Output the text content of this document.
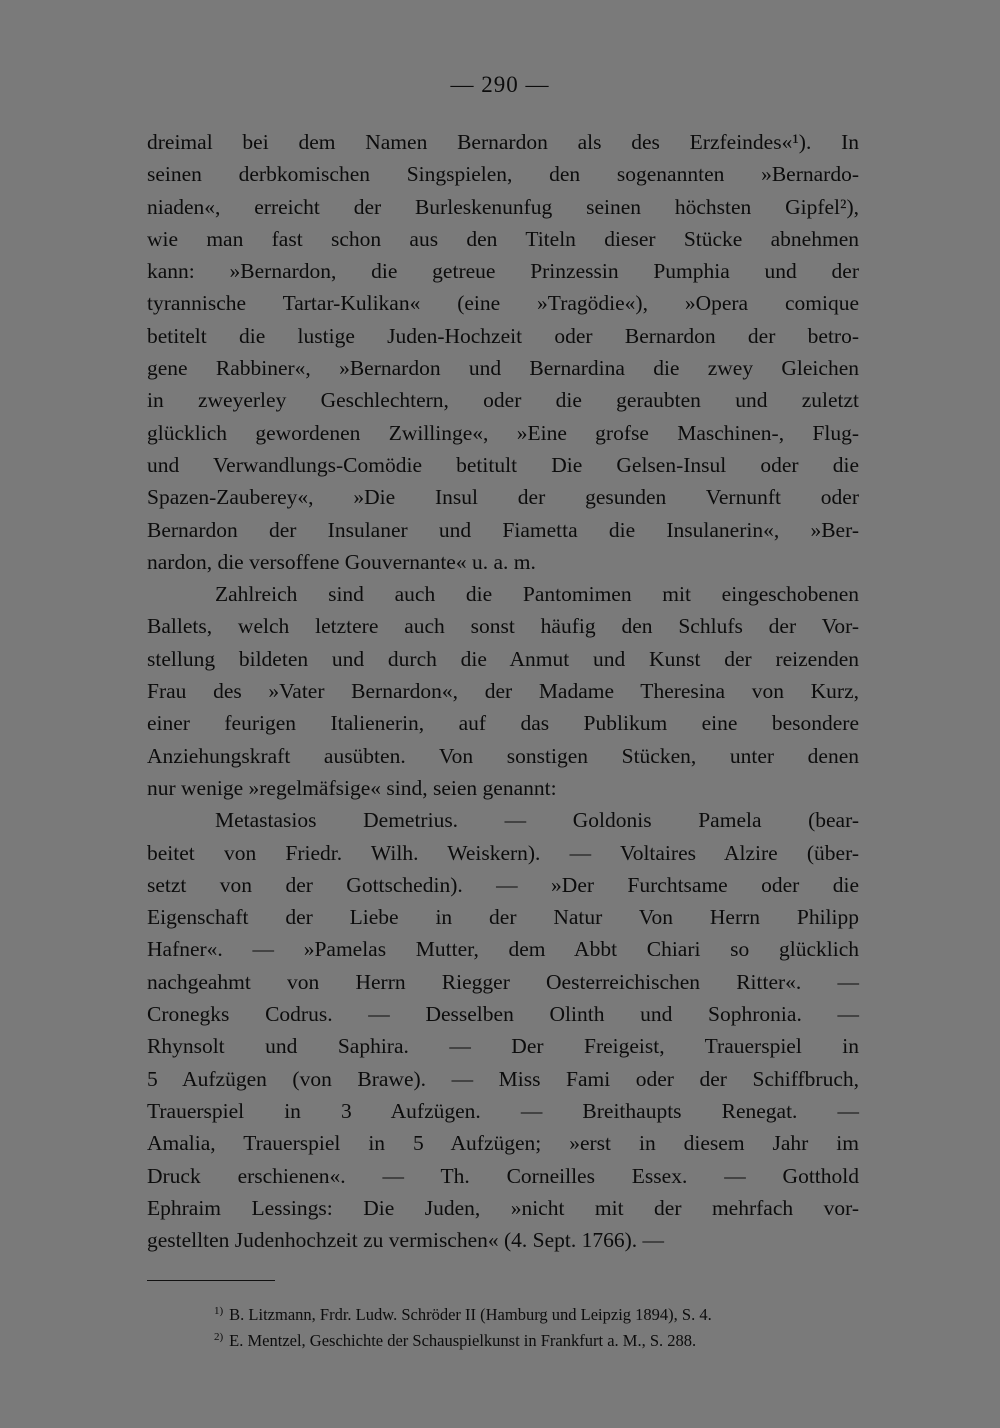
— 290 —
dreimal bei dem Namen Bernardon als des Erzfeindes«¹). In
seinen derbkomischen Singspielen, den sogenannten »Bernardo-
niaden«, erreicht der Burleskenunfug seinen höchsten Gipfel²),
wie man fast schon aus den Titeln dieser Stücke abnehmen
kann: »Bernardon, die getreue Prinzessin Pumphia und der
tyrannische Tartar-Kulikan« (eine »Tragödie«), »Opera comique
betitelt die lustige Juden-Hochzeit oder Bernardon der betro-
gene Rabbiner«, »Bernardon und Bernardina die zwey Gleichen
in zweyerley Geschlechtern, oder die geraubten und zuletzt
glücklich gewordenen Zwillinge«, »Eine grofse Maschinen-, Flug-
und Verwandlungs-Comödie betitult Die Gelsen-Insul oder die
Spazen-Zauberey«, »Die Insul der gesunden Vernunft oder
Bernardon der Insulaner und Fiametta die Insulanerin«, »Ber-
nardon, die versoffene Gouvernante« u. a. m.
Zahlreich sind auch die Pantomimen mit eingeschobenen
Ballets, welch letztere auch sonst häufig den Schlufs der Vor-
stellung bildeten und durch die Anmut und Kunst der reizenden
Frau des »Vater Bernardon«, der Madame Theresina von Kurz,
einer feurigen Italienerin, auf das Publikum eine besondere
Anziehungskraft ausübten. Von sonstigen Stücken, unter denen
nur wenige »regelmäfsige« sind, seien genannt:
Metastasios Demetrius. — Goldonis Pamela (bear-
beitet von Friedr. Wilh. Weiskern). — Voltaires Alzire (über-
setzt von der Gottschedin). — »Der Furchtsame oder die
Eigenschaft der Liebe in der Natur Von Herrn Philipp
Hafner«. — »Pamelas Mutter, dem Abbt Chiari so glücklich
nachgeahmt von Herrn Riegger Oesterreichischen Ritter«. —
Cronegks Codrus. — Desselben Olinth und Sophronia. —
Rhynsolt und Saphira. — Der Freigeist, Trauerspiel in
5 Aufzügen (von Brawe). — Miss Fami oder der Schiffbruch,
Trauerspiel in 3 Aufzügen. — Breithaupts Renegat. —
Amalia, Trauerspiel in 5 Aufzügen; »erst in diesem Jahr im
Druck erschienen«. — Th. Corneilles Essex. — Gotthold
Ephraim Lessings: Die Juden, »nicht mit der mehrfach vor-
gestellten Judenhochzeit zu vermischen« (4. Sept. 1766). —
$^{1)}$ B. Litzmann, Frdr. Ludw. Schröder II (Hamburg und Leipzig 1894), S. 4.
$^{2)}$ E. Mentzel, Geschichte der Schauspielkunst in Frankfurt a. M., S. 288.
